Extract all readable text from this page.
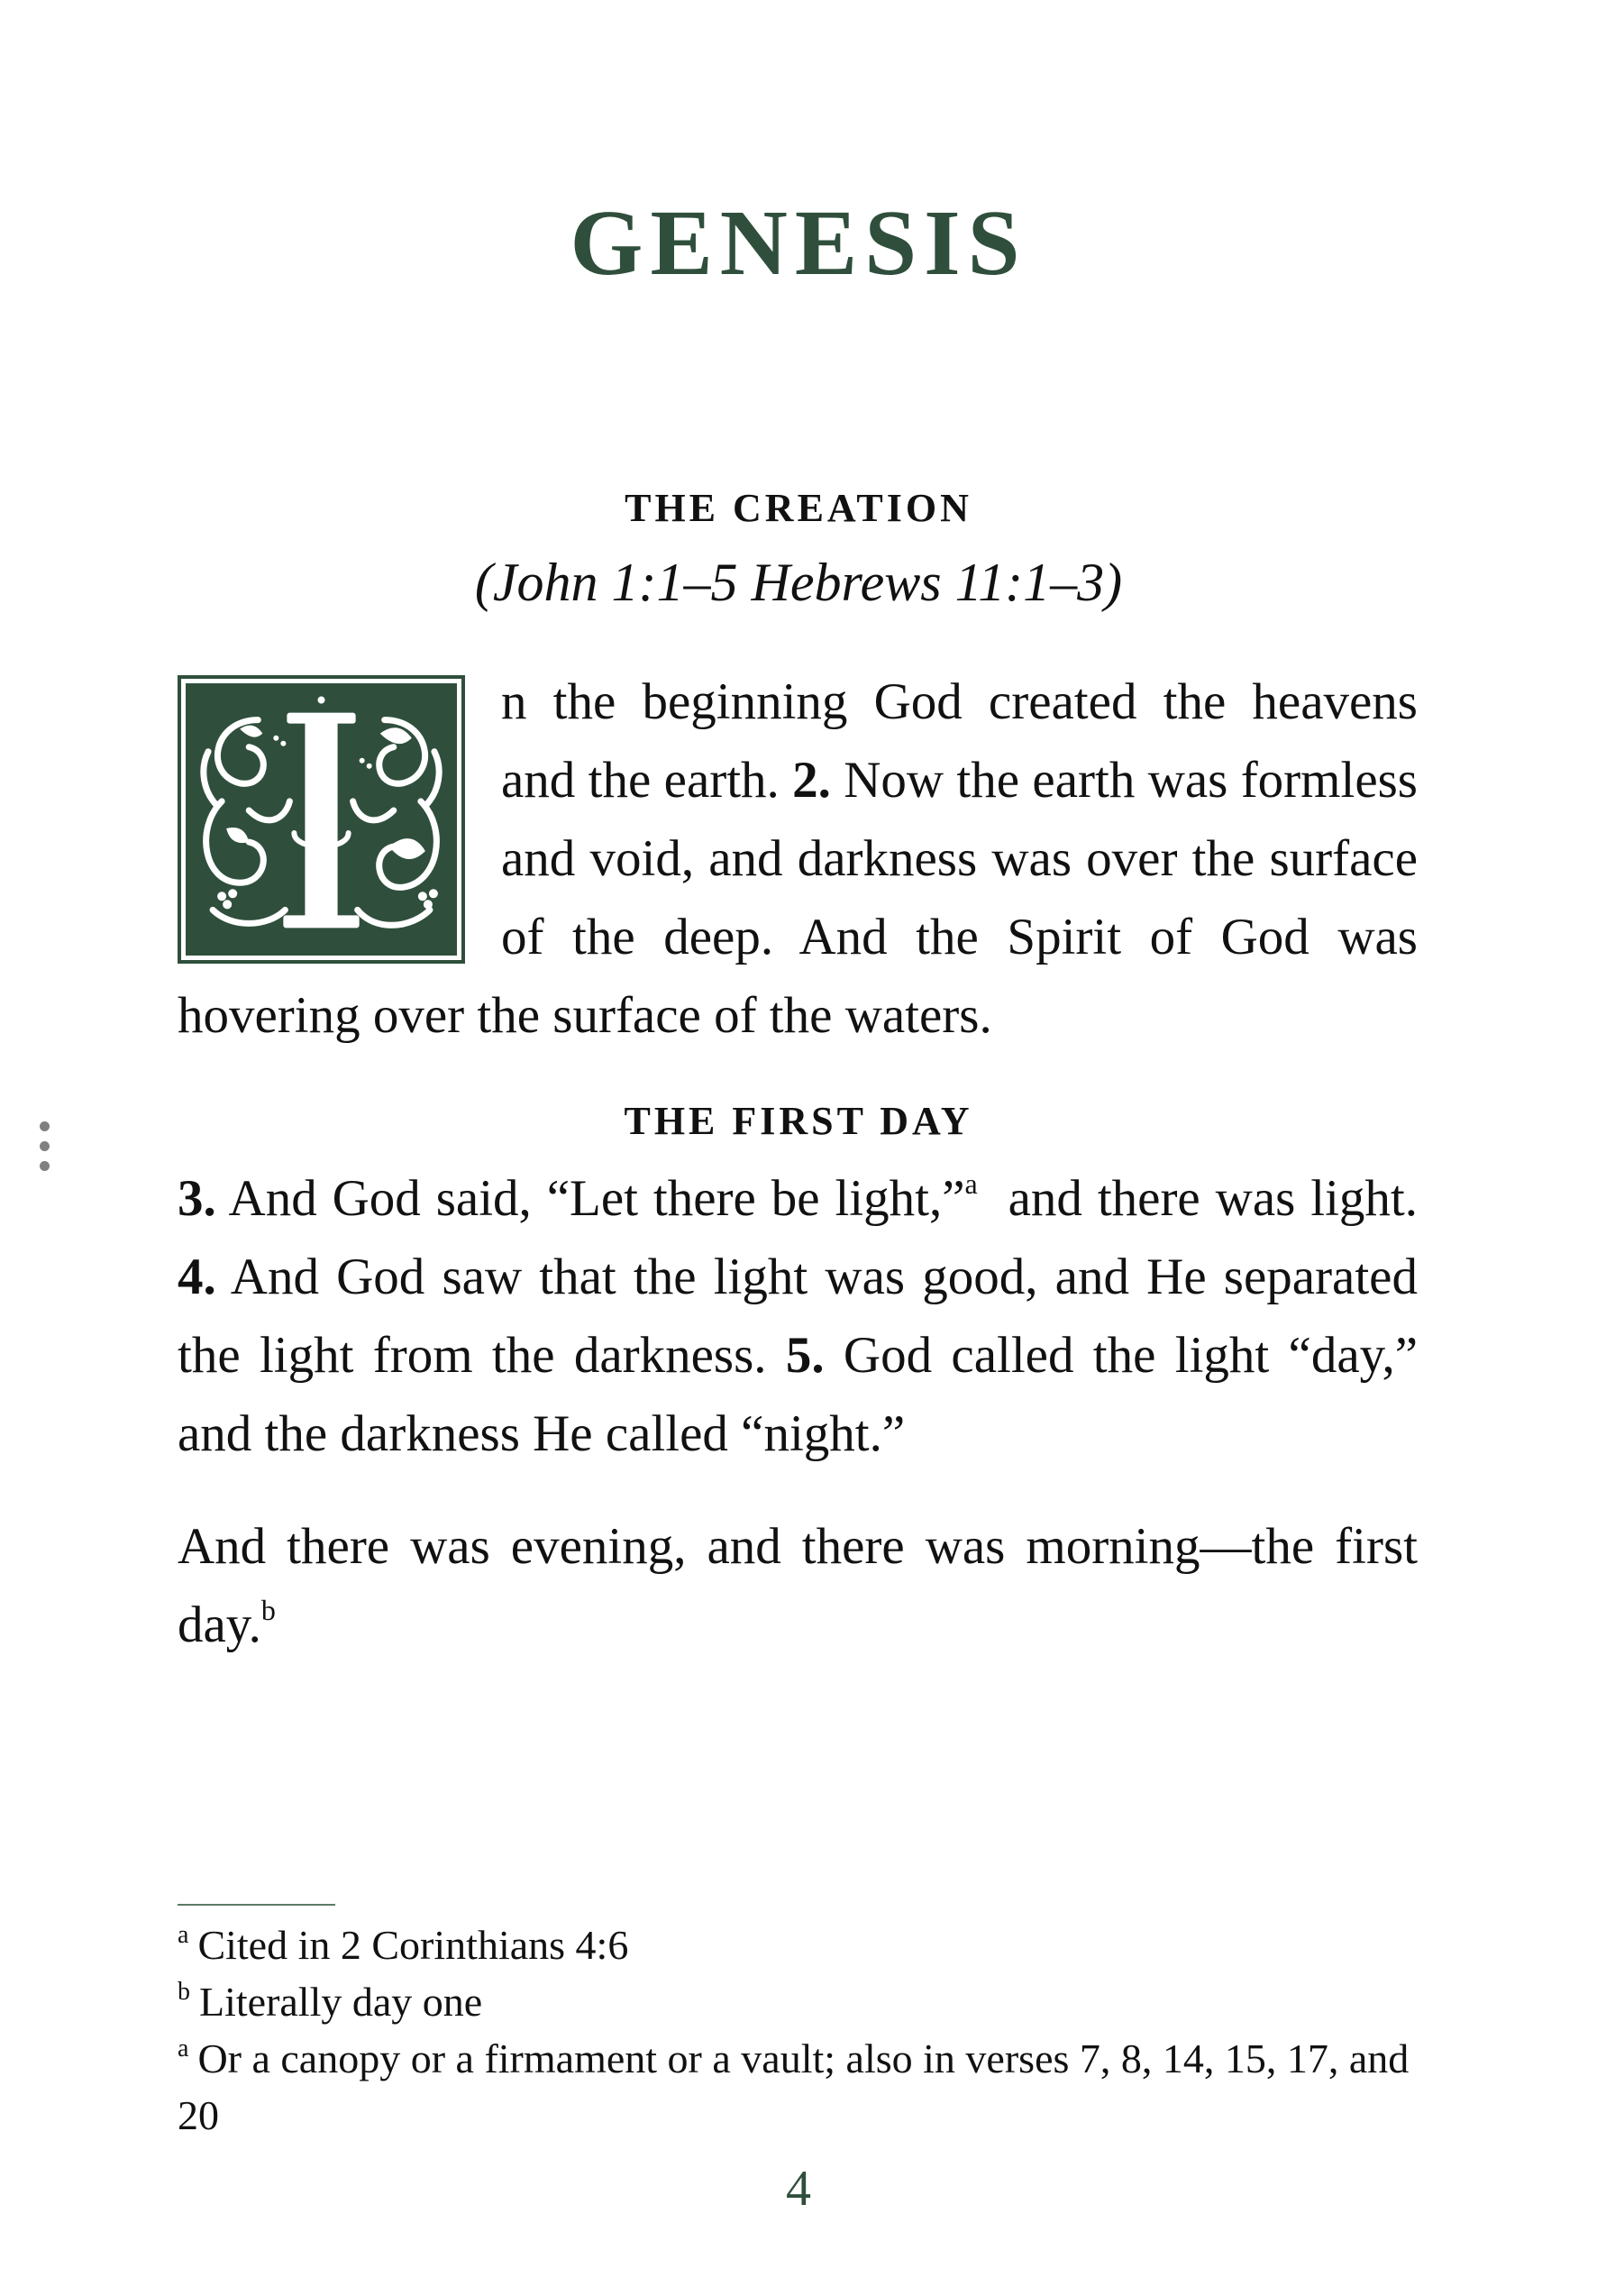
GENESIS
THE CREATION
(John 1:1–5 Hebrews 11:1–3)
n the beginning God created the heavens and the earth. 2. Now the earth was formless and void, and darkness was over the surface of the deep. And the Spirit of God was hovering over the surface of the waters.
THE FIRST DAY
3. And God said, “Let there be light,”$^a$  and there was light. 4. And God saw that the light was good, and He separated the light from the darkness. 5. God called the light “day,” and the darkness He called “night.”
And there was evening, and there was morning—the first day.$^b$

$^a$ Cited in 2 Corinthians 4:6

$^b$ Literally day one

$^a$ Or a canopy or a firmament or a vault; also in verses 7, 8, 14, 15, 17, and 20

4
